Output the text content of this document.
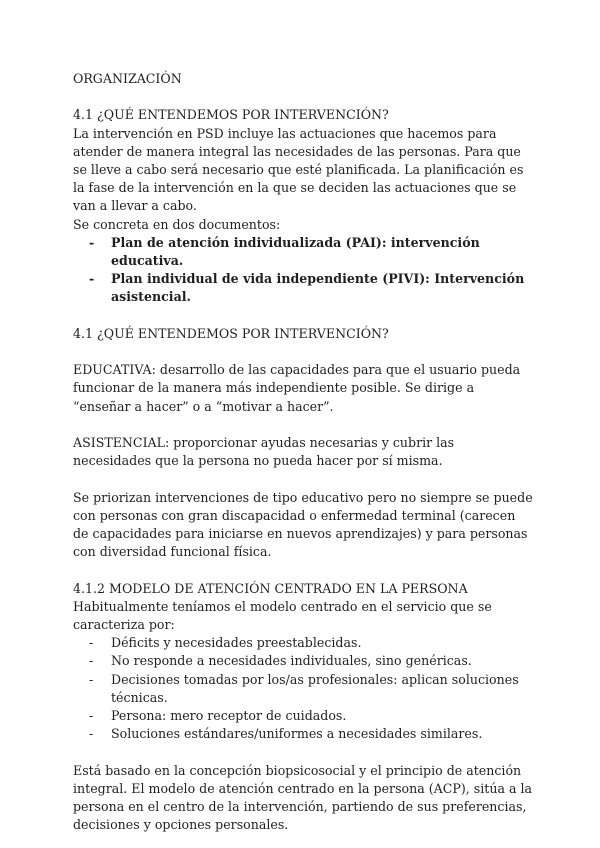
ORGANIZACIÓN

4.1 ¿QUÉ ENTENDEMOS POR INTERVENCIÓN?

La intervención en PSD incluye las actuaciones que hacemos para atender de manera integral las necesidades de las personas. Para que se lleve a cabo será necesario que esté planificada. La planificación es la fase de la intervención en la que se deciden las actuaciones que se van a llevar a cabo.

Se concreta en dos documentos:

- Plan de atención individualizada (PAI): intervención educativa.
- Plan individual de vida independiente (PIVI): Intervención asistencial.

4.1 ¿QUÉ ENTENDEMOS POR INTERVENCIÓN?

EDUCATIVA: desarrollo de las capacidades para que el usuario pueda funcionar de la manera más independiente posible. Se dirige a “enseñar a hacer” o a “motivar a hacer”.

ASISTENCIAL: proporcionar ayudas necesarias y cubrir las necesidades que la persona no pueda hacer por sí misma.

Se priorizan intervenciones de tipo educativo pero no siempre se puede con personas con gran discapacidad o enfermedad terminal (carecen de capacidades para iniciarse en nuevos aprendizajes) y para personas con diversidad funcional física.

4.1.2 MODELO DE ATENCIÓN CENTRADO EN LA PERSONA

Habitualmente teníamos el modelo centrado en el servicio que se caracteriza por:

- Déficits y necesidades preestablecidas.
- No responde a necesidades individuales, sino genéricas.
- Decisiones tomadas por los/as profesionales: aplican soluciones técnicas.
- Persona: mero receptor de cuidados.
- Soluciones estándares/uniformes a necesidades similares.

Está basado en la concepción biopsicosocial y el principio de atención integral. El modelo de atención centrado en la persona (ACP), sitúa a la persona en el centro de la intervención, partiendo de sus preferencias, decisiones y opciones personales.
